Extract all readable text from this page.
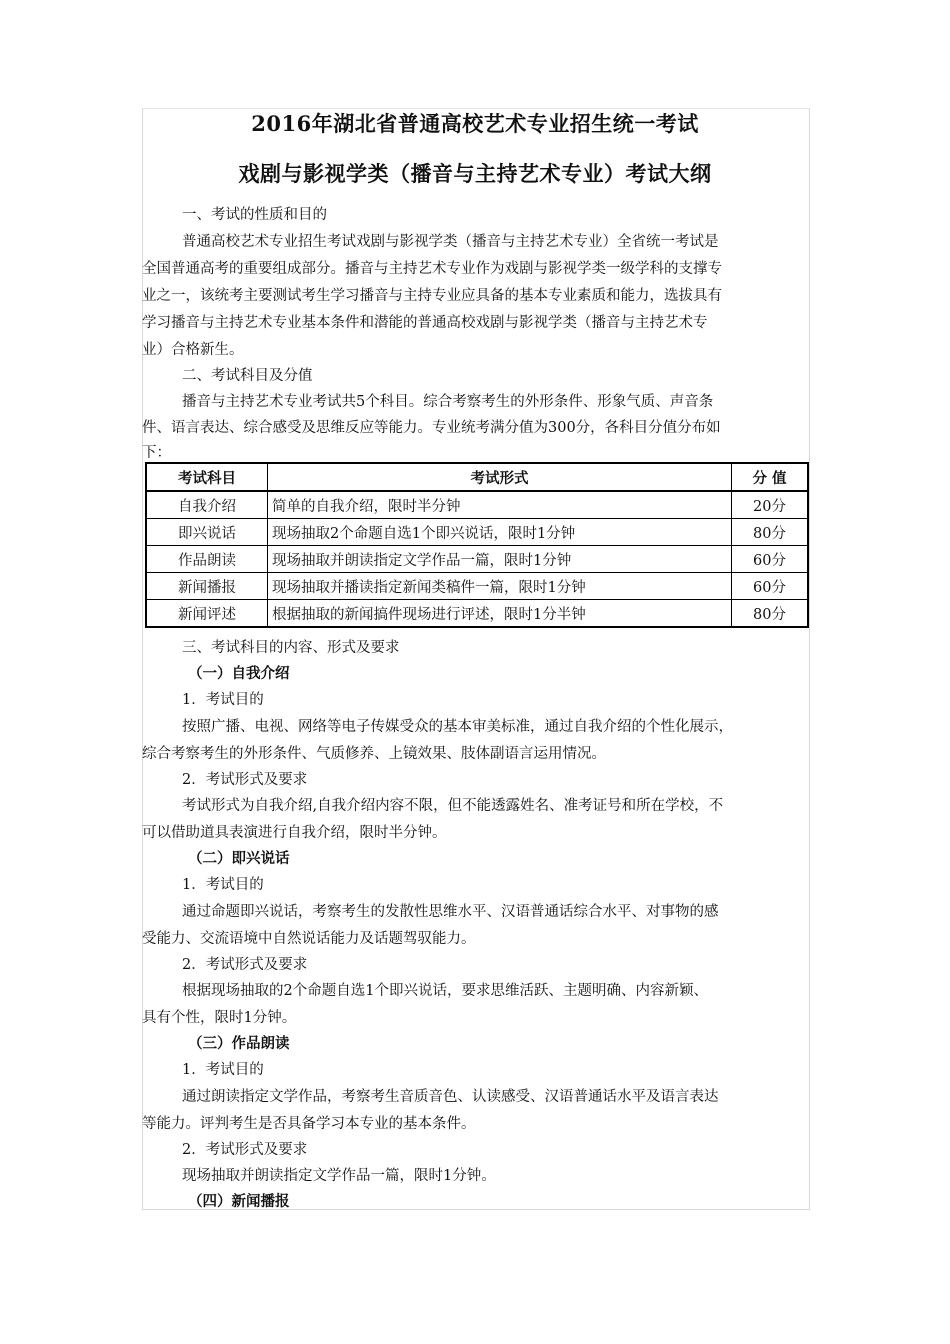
2016年湖北省普通高校艺术专业招生统一考试
戏剧与影视学类（播音与主持艺术专业）考试大纲
一、考试的性质和目的
普通高校艺术专业招生考试戏剧与影视学类（播音与主持艺术专业）全省统一考试是
全国普通高考的重要组成部分。播音与主持艺术专业作为戏剧与影视学类一级学科的支撑专
业之一，该统考主要测试考生学习播音与主持专业应具备的基本专业素质和能力，选拔具有
学习播音与主持艺术专业基本条件和潜能的普通高校戏剧与影视学类（播音与主持艺术专
业）合格新生。
二、考试科目及分值
播音与主持艺术专业考试共5个科目。综合考察考生的外形条件、形象气质、声音条
件、语言表达、综合感受及思维反应等能力。专业统考满分值为300分，各科目分值分布如
下：
考试科目	考试形式	分 值
自我介绍	简单的自我介绍，限时半分钟	20分
即兴说话	现场抽取2个命题自选1个即兴说话，限时1分钟	80分
作品朗读	现场抽取并朗读指定文学作品一篇，限时1分钟	60分
新闻播报	现场抽取并播读指定新闻类稿件一篇，限时1分钟	60分
新闻评述	根据抽取的新闻搞件现场进行评述，限时1分半钟	80分
三、考试科目的内容、形式及要求
（一）自我介绍
1．考试目的
按照广播、电视、网络等电子传媒受众的基本审美标准，通过自我介绍的个性化展示，
综合考察考生的外形条件、气质修养、上镜效果、肢体副语言运用情况。
2．考试形式及要求
考试形式为自我介绍,自我介绍内容不限，但不能透露姓名、准考证号和所在学校，不
可以借助道具表演进行自我介绍，限时半分钟。
（二）即兴说话
1．考试目的
通过命题即兴说话，考察考生的发散性思维水平、汉语普通话综合水平、对事物的感
受能力、交流语境中自然说话能力及话题驾驭能力。
2．考试形式及要求
根据现场抽取的2个命题自选1个即兴说话，要求思维活跃、主题明确、内容新颖、
具有个性，限时1分钟。
（三）作品朗读
1．考试目的
通过朗读指定文学作品，考察考生音质音色、认读感受、汉语普通话水平及语言表达
等能力。评判考生是否具备学习本专业的基本条件。
2．考试形式及要求
现场抽取并朗读指定文学作品一篇，限时1分钟。
（四）新闻播报
